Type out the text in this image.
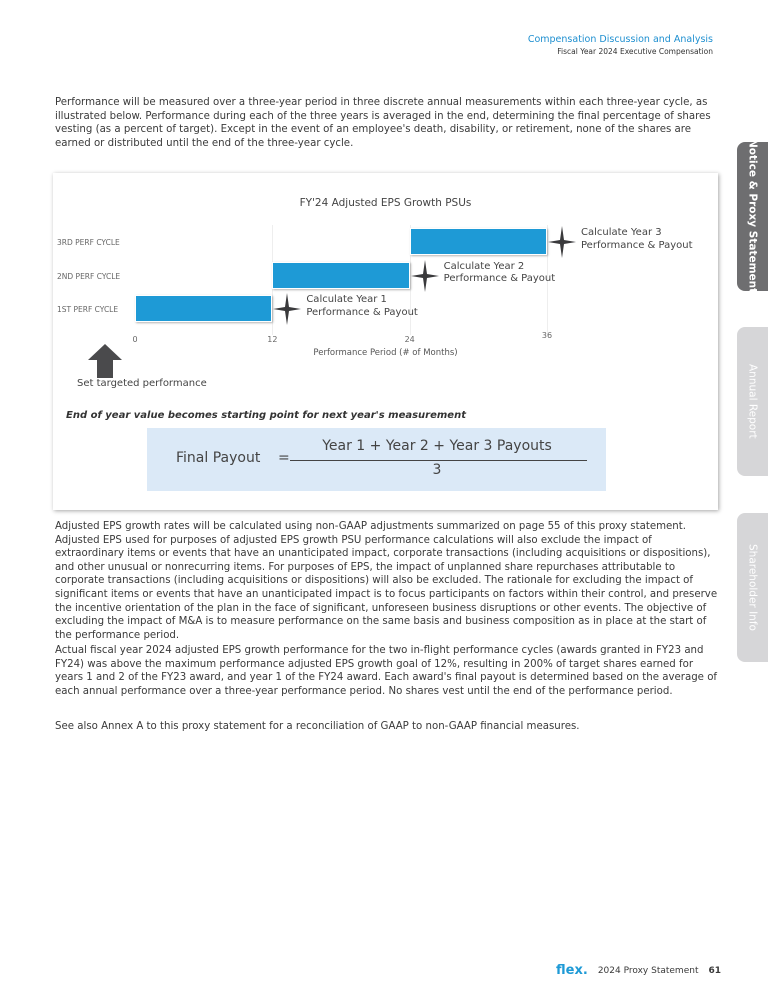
Compensation Discussion and Analysis
Fiscal Year 2024 Executive Compensation
Notice & Proxy Statement
Annual Report
Shareholder Info

Performance will be measured over a three-year period in three discrete annual measurements within each three-year cycle, as illustrated below. Performance during each of the three years is averaged in the end, determining the final percentage of shares vesting (as a percent of target). Except in the event of an employee's death, disability, or retirement, none of the shares are earned or distributed until the end of the three-year cycle.

FY'24 Adjusted EPS Growth PSUs
0	12	24	36
3RD PERF CYCLE
Calculate Year 3
Performance & Payout
2ND PERF CYCLE
Calculate Year 2
Performance & Payout
1ST PERF CYCLE
Calculate Year 1
Performance & Payout
Performance Period (# of Months)
Set targeted performance
End of year value becomes starting point for next year's measurement
Final Payout =
Year 1 + Year 2 + Year 3 Payouts
3

Adjusted EPS growth rates will be calculated using non-GAAP adjustments summarized on page 55 of this proxy statement. Adjusted EPS used for purposes of adjusted EPS growth PSU performance calculations will also exclude the impact of extraordinary items or events that have an unanticipated impact, corporate transactions (including acquisitions or dispositions), and other unusual or nonrecurring items. For purposes of EPS, the impact of unplanned share repurchases attributable to corporate transactions (including acquisitions or dispositions) will also be excluded. The rationale for excluding the impact of significant items or events that have an unanticipated impact is to focus participants on factors within their control, and preserve the incentive orientation of the plan in the face of significant, unforeseen business disruptions or other events. The objective of excluding the impact of M&A is to measure performance on the same basis and business composition as in place at the start of the performance period.

Actual fiscal year 2024 adjusted EPS growth performance for the two in-flight performance cycles (awards granted in FY23 and FY24) was above the maximum performance adjusted EPS growth goal of 12%, resulting in 200% of target shares earned for years 1 and 2 of the FY23 award, and year 1 of the FY24 award. Each award's final payout is determined based on the average of each annual performance over a three-year performance period. No shares vest until the end of the performance period.

See also Annex A to this proxy statement for a reconciliation of GAAP to non-GAAP financial measures.

flex. 2024 Proxy Statement 61
